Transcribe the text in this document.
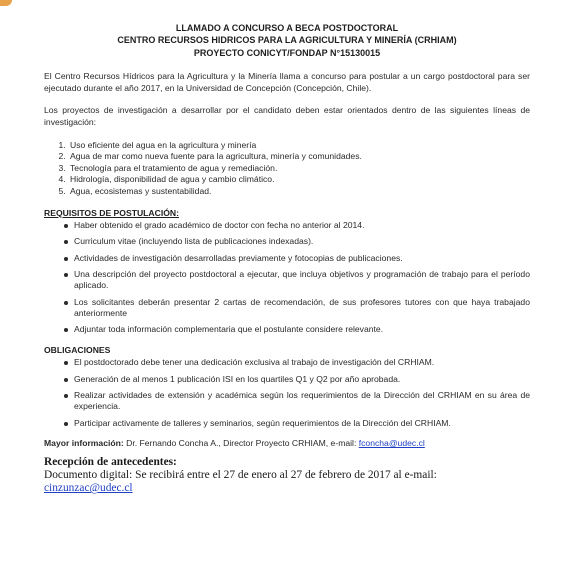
LLAMADO A CONCURSO A BECA POSTDOCTORAL
CENTRO RECURSOS HIDRICOS PARA LA AGRICULTURA Y MINERÍA (CRHIAM)
PROYECTO CONICYT/FONDAP N°15130015

El Centro Recursos Hídricos para la Agricultura y la Minería llama a concurso para postular a un cargo postdoctoral para ser ejecutado durante el año 2017, en la Universidad de Concepción (Concepción, Chile).

Los proyectos de investigación a desarrollar por el candidato deben estar orientados dentro de las siguientes líneas de investigación:

1. Uso eficiente del agua en la agricultura y minería
2. Agua de mar como nueva fuente para la agricultura, minería y comunidades.
3. Tecnología para el tratamiento de agua y remediación.
4. Hidrología, disponibilidad de agua y cambio climático.
5. Agua, ecosistemas y sustentabilidad.
REQUISITOS DE POSTULACIÓN:
Haber obtenido el grado académico de doctor con fecha no anterior al 2014.
Curriculum vitae (incluyendo lista de publicaciones indexadas).
Actividades de investigación desarrolladas previamente y fotocopias de publicaciones.
Una descripción del proyecto postdoctoral a ejecutar, que incluya objetivos y programación de trabajo para el período aplicado.
Los solicitantes deberán presentar 2 cartas de recomendación, de sus profesores tutores con que haya trabajado anteriormente
Adjuntar toda información complementaria que el postulante considere relevante.
OBLIGACIONES
El postdoctorado debe tener una dedicación exclusiva al trabajo de investigación del CRHIAM.
Generación de al menos 1 publicación ISI en los quartiles Q1 y Q2 por año aprobada.
Realizar actividades de extensión y académica según los requerimientos de la Dirección del CRHIAM en su área de experiencia.
Participar activamente de talleres y seminarios, según requerimientos de la Dirección del CRHIAM.
Mayor información: Dr. Fernando Concha A., Director Proyecto CRHIAM, e-mail: fconcha@udec.cl
Recepción de antecedentes:
Documento digital: Se recibirá entre el 27 de enero al 27 de febrero de 2017 al e-mail:
cinzunzac@udec.cl
